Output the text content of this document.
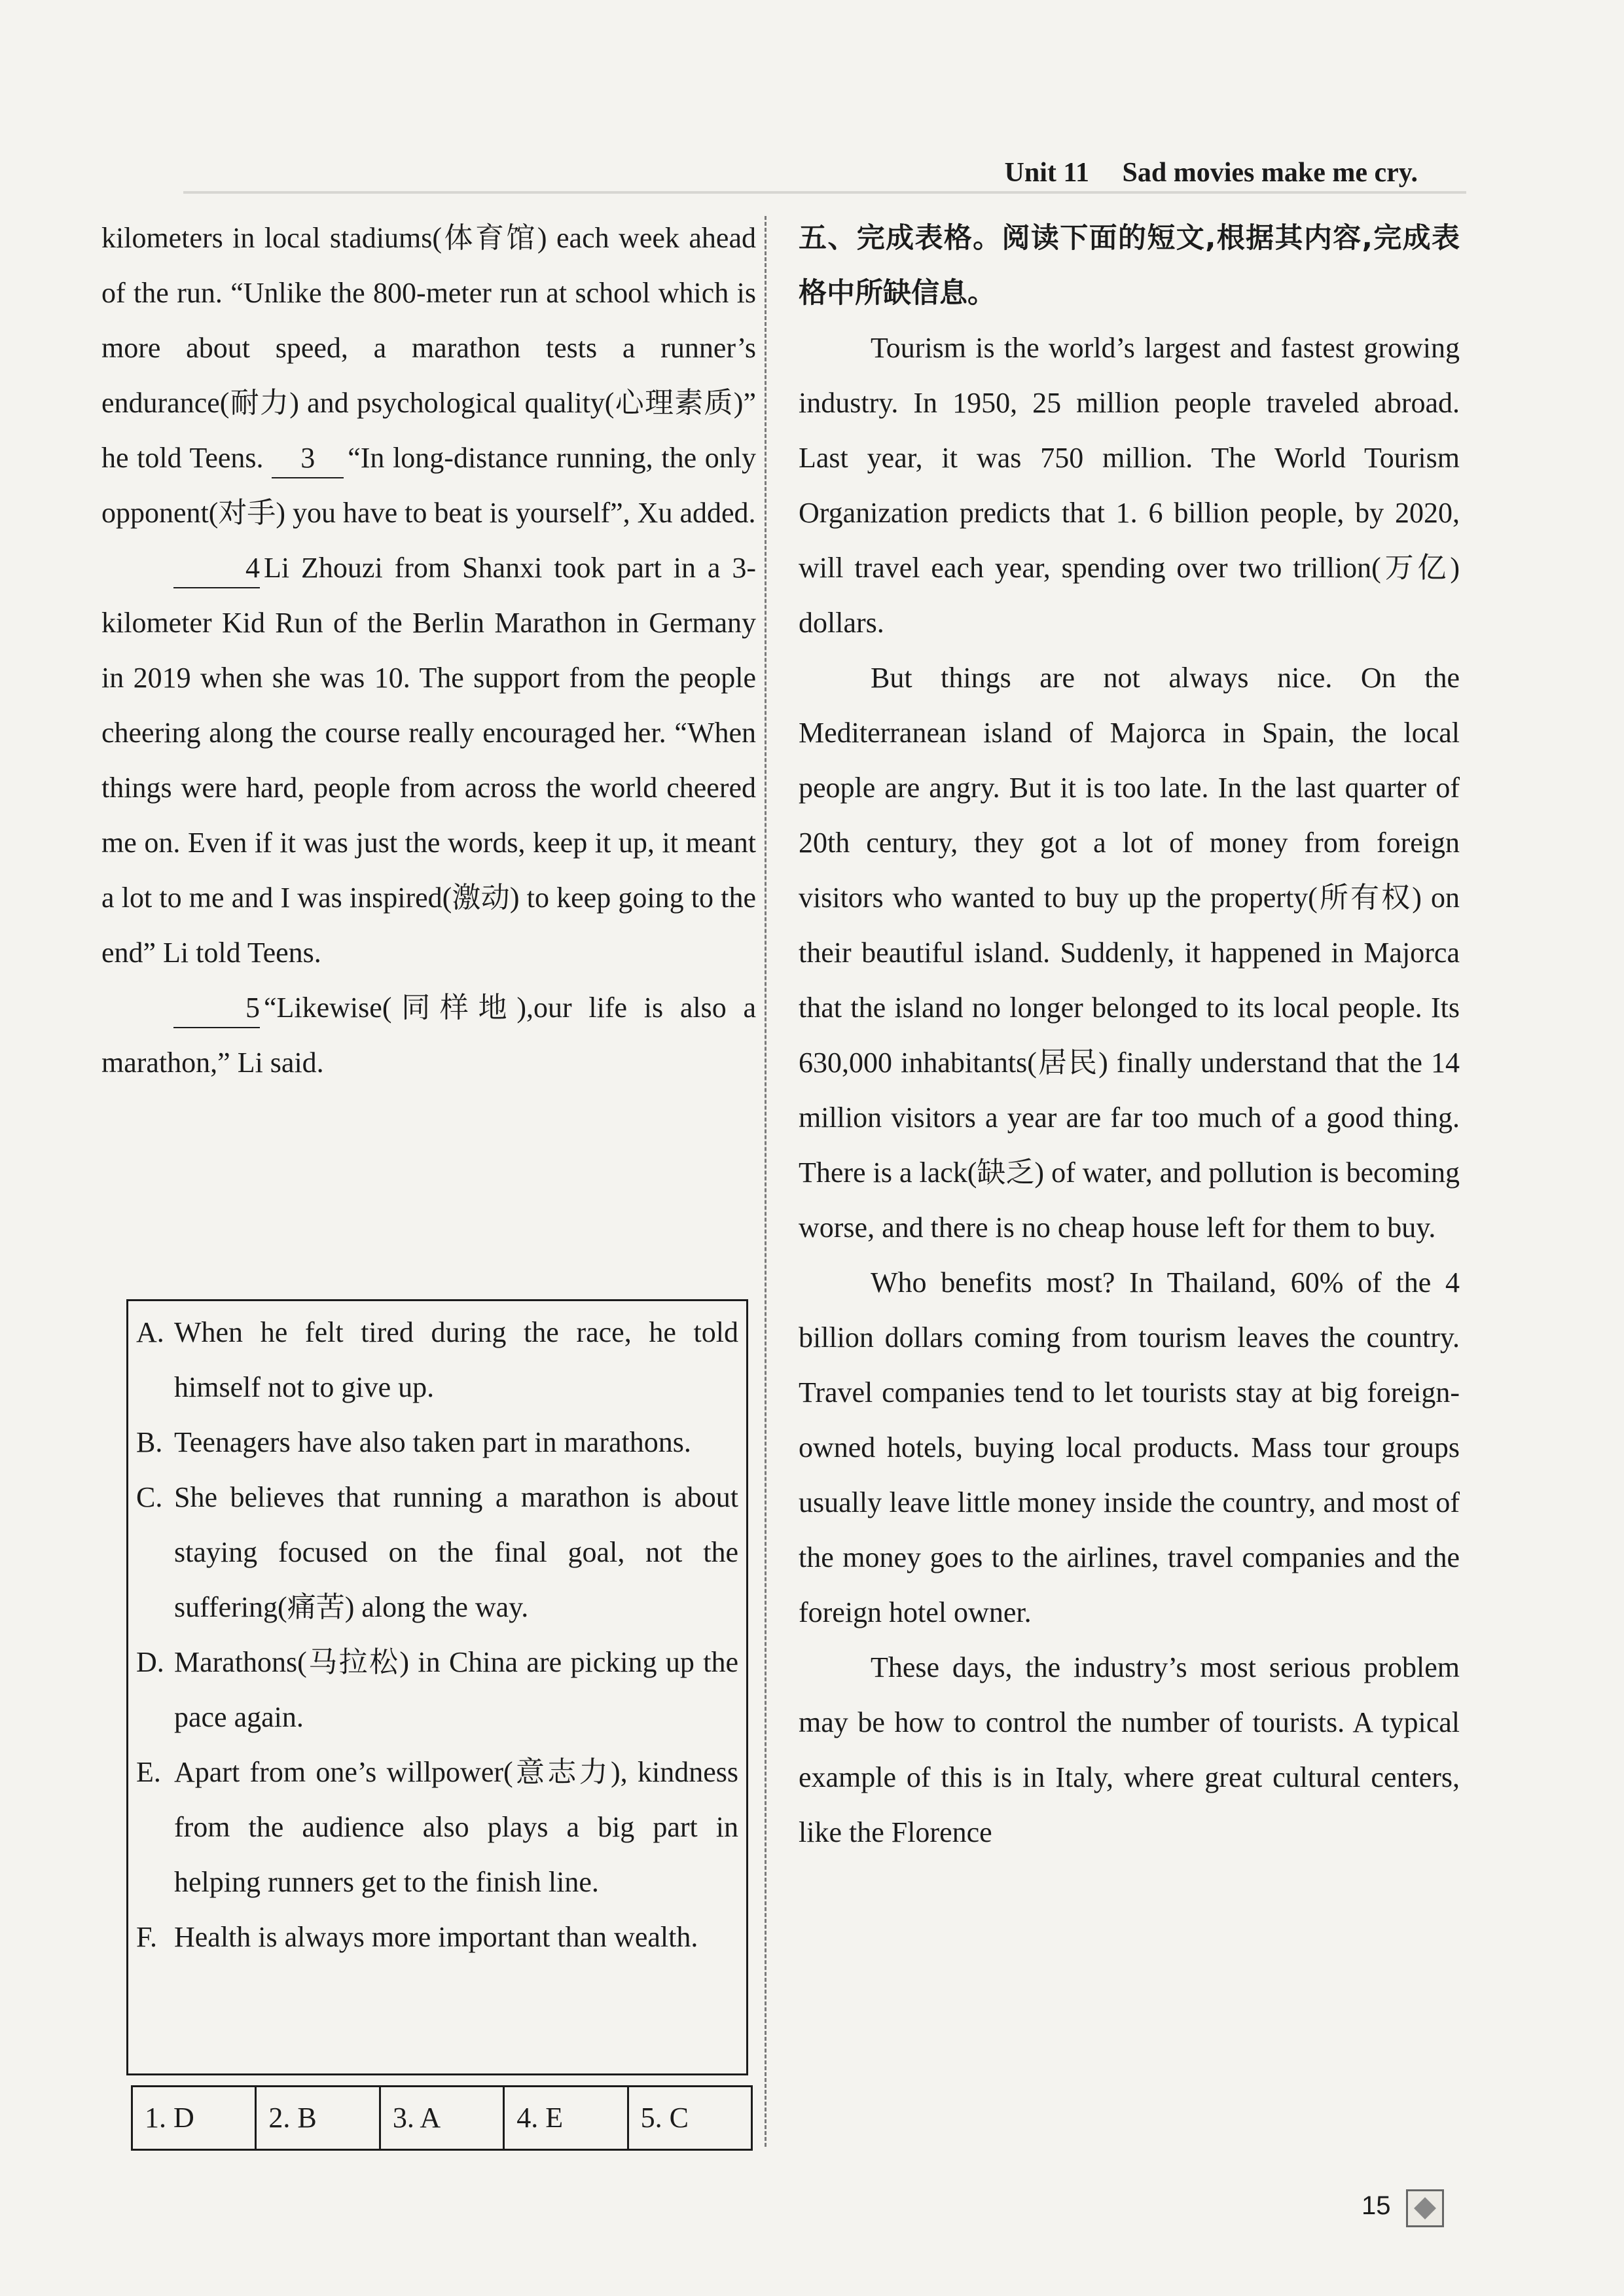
Unit 11 Sad movies make me cry.

kilometers in local stadiums(体育馆) each week ahead of the run. “Unlike the 800-meter run at school which is more about speed, a marathon tests a runner’s endurance(耐力) and psychological quality(心理素质)” he told Teens. 3 “In long-distance running, the only opponent(对手) you have to beat is yourself”, Xu added.

4 Li Zhouzi from Shanxi took part in a 3-kilometer Kid Run of the Berlin Marathon in Germany in 2019 when she was 10. The support from the people cheering along the course really encouraged her. “When things were hard, people from across the world cheered me on. Even if it was just the words, keep it up, it meant a lot to me and I was inspired(激动) to keep going to the end” Li told Teens.

5 “Likewise(同样地),our life is also a marathon,” Li said.

A. When he felt tired during the race, he told himself not to give up.
B. Teenagers have also taken part in marathons.
C. She believes that running a marathon is about staying focused on the final goal, not the suffering(痛苦) along the way.
D. Marathons(马拉松) in China are picking up the pace again.
E. Apart from one’s willpower(意志力), kindness from the audience also plays a big part in helping runners get to the finish line.
F. Health is always more important than wealth.
1. D	2. B	3. A	4. E	5. C

五、完成表格。阅读下面的短文,根据其内容,完成表格中所缺信息。

Tourism is the world’s largest and fastest growing industry. In 1950, 25 million people traveled abroad. Last year, it was 750 million. The World Tourism Organization predicts that 1. 6 billion people, by 2020, will travel each year, spending over two trillion(万亿) dollars.

But things are not always nice. On the Mediterranean island of Majorca in Spain, the local people are angry. But it is too late. In the last quarter of 20th century, they got a lot of money from foreign visitors who wanted to buy up the property(所有权) on their beautiful island. Suddenly, it happened in Majorca that the island no longer belonged to its local people. Its 630,000 inhabitants(居民) finally understand that the 14 million visitors a year are far too much of a good thing. There is a lack(缺乏) of water, and pollution is becoming worse, and there is no cheap house left for them to buy.

Who benefits most? In Thailand, 60% of the 4 billion dollars coming from tourism leaves the country. Travel companies tend to let tourists stay at big foreign-owned hotels, buying local products. Mass tour groups usually leave little money inside the country, and most of the money goes to the airlines, travel companies and the foreign hotel owner.

These days, the industry’s most serious problem may be how to control the number of tourists. A typical example of this is in Italy, where great cultural centers, like the Florence

15
